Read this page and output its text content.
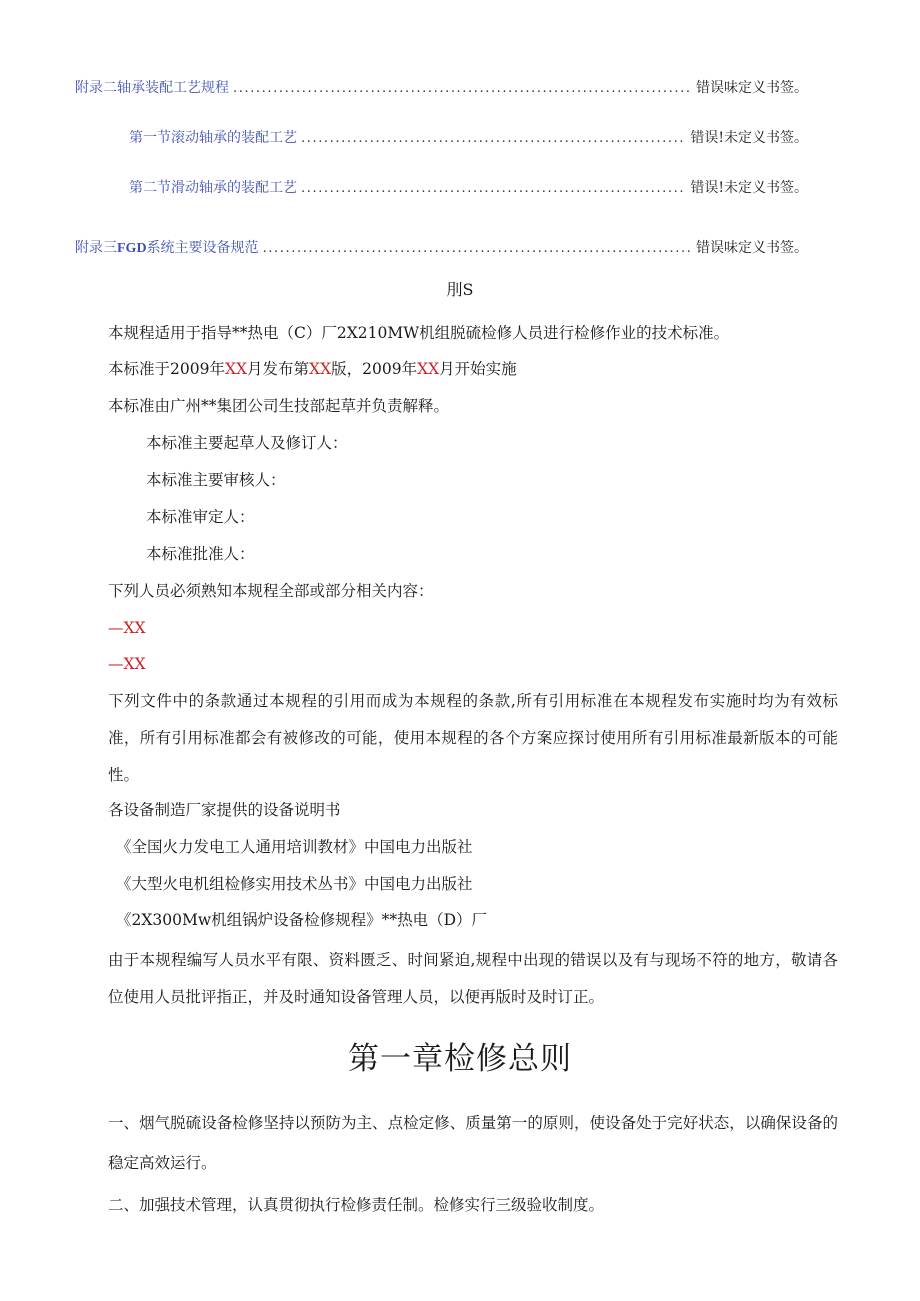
附录二轴承装配工艺规程 .....	错误味定义书签。
第一节滚动轴承的装配工艺 .....	错误!未定义书签。
第二节滑动轴承的装配工艺 .....	错误!未定义书签。
附录三FGD系统主要设备规范 .....	错误味定义书签。
刖S
本规程适用于指导**热电（C）厂2X210MW机组脱硫检修人员进行检修作业的技术标准。
本标准于2009年XX月发布第XX版，2009年XX月开始实施
本标准由广州**集团公司生技部起草并负责解释。
本标准主要起草人及修订人：
本标准主要审核人：
本标准审定人：
本标准批准人：
下列人员必须熟知本规程全部或部分相关内容：
—XX
—XX
下列文件中的条款通过本规程的引用而成为本规程的条款,所有引用标准在本规程发布实施时均为有效标准，所有引用标准都会有被修改的可能，使用本规程的各个方案应探讨使用所有引用标准最新版本的可能性。
各设备制造厂家提供的设备说明书
《全国火力发电工人通用培训教材》中国电力出版社
《大型火电机组检修实用技术丛书》中国电力出版社
《2X300Mw机组锅炉设备检修规程》**热电（D）厂
由于本规程编写人员水平有限、资料匮乏、时间紧迫,规程中出现的错误以及有与现场不符的地方，敬请各位使用人员批评指正，并及时通知设备管理人员，以便再版时及时订正。
第一章检修总则
一、烟气脱硫设备检修坚持以预防为主、点检定修、质量第一的原则，使设备处于完好状态，以确保设备的稳定高效运行。
二、加强技术管理，认真贯彻执行检修责任制。检修实行三级验收制度。
